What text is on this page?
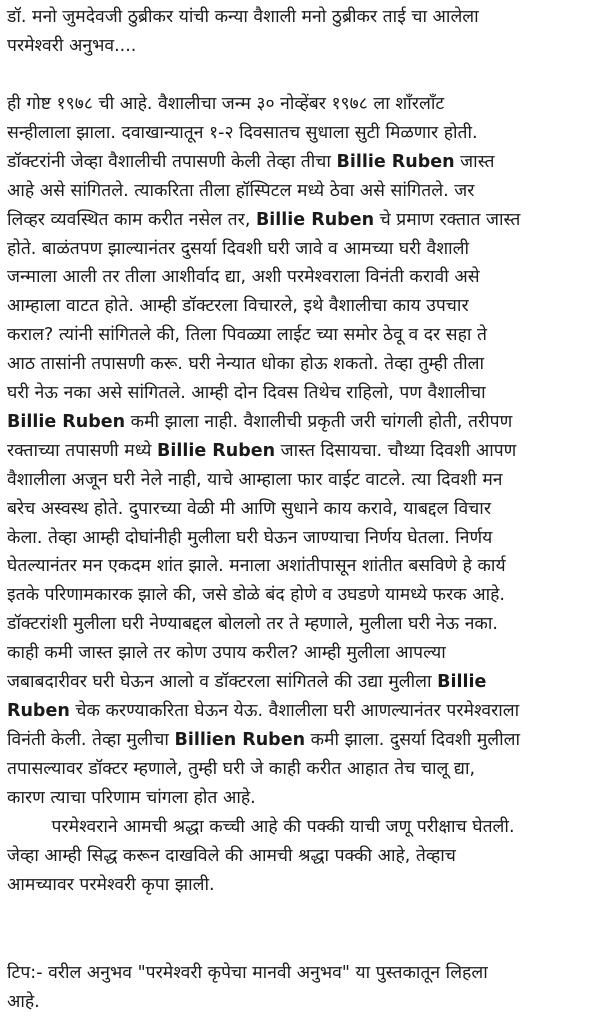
डॉ. मनो जुमदेवजी ठुब्रीकर यांची कन्या वैशाली मनो ठुब्रीकर ताई चा आलेला
परमेश्वरी अनुभव....
ही गोष्ट १९७८ ची आहे. वैशालीचा जन्म ३० नोव्हेंबर १९७८ ला शाँरलाँट
सन्हीलाला झाला. दवाखान्यातून १-२ दिवसातच सुधाला सुटी मिळणार होती.
डॉक्टरांनी जेव्हा वैशालीची तपासणी केली तेव्हा तीचा Billie Ruben जास्त
आहे असे सांगितले. त्याकरिता तीला हॉस्पिटल मध्ये ठेवा असे सांगितले. जर
लिव्हर व्यवस्थित काम करीत नसेल तर, Billie Ruben चे प्रमाण रक्तात जास्त
होते. बाळंतपण झाल्यानंतर दुसर्या दिवशी घरी जावे व आमच्या घरी वैशाली
जन्माला आली तर तीला आशीर्वाद द्या, अशी परमेश्वराला विनंती करावी असे
आम्हाला वाटत होते. आम्ही डॉक्टरला विचारले, इथे वैशालीचा काय उपचार
कराल? त्यांनी सांगितले की, तिला पिवळ्या लाईट च्या समोर ठेवू व दर सहा ते
आठ तासांनी तपासणी करू. घरी नेन्यात धोका होऊ शकतो. तेव्हा तुम्ही तीला
घरी नेऊ नका असे सांगितले. आम्ही दोन दिवस तिथेच राहिलो, पण वैशालीचा
Billie Ruben कमी झाला नाही. वैशालीची प्रकृती जरी चांगली होती, तरीपण
रक्ताच्या तपासणी मध्ये Billie Ruben जास्त दिसायचा. चौथ्या दिवशी आपण
वैशालीला अजून घरी नेले नाही, याचे आम्हाला फार वाईट वाटले. त्या दिवशी मन
बरेच अस्वस्थ होते. दुपारच्या वेळी मी आणि सुधाने काय करावे, याबद्दल विचार
केला. तेव्हा आम्ही दोघांनीही मुलीला घरी घेऊन जाण्याचा निर्णय घेतला. निर्णय
घेतल्यानंतर मन एकदम शांत झाले. मनाला अशांतीपासून शांतीत बसविणे हे कार्य
इतके परिणामकारक झाले की, जसे डोळे बंद होणे व उघडणे यामध्ये फरक आहे.
डॉक्टरांशी मुलीला घरी नेण्याबद्दल बोललो तर ते म्हणाले, मुलीला घरी नेऊ नका.
काही कमी जास्त झाले तर कोण उपाय करील? आम्ही मुलीला आपल्या
जबाबदारीवर घरी घेऊन आलो व डॉक्टरला सांगितले की उद्या मुलीला Billie
Ruben चेक करण्याकरिता घेऊन येऊ. वैशालीला घरी आणल्यानंतर परमेश्वराला
विनंती केली. तेव्हा मुलीचा Billien Ruben कमी झाला. दुसर्या दिवशी मुलीला
तपासल्यावर डॉक्टर म्हणाले, तुम्ही घरी जे काही करीत आहात तेच चालू द्या,
कारण त्याचा परिणाम चांगला होत आहे.
परमेश्वराने आमची श्रद्धा कच्ची आहे की पक्की याची जणू परीक्षाच घेतली.
जेव्हा आम्ही सिद्ध करून दाखविले की आमची श्रद्धा पक्की आहे, तेव्हाच
आमच्यावर परमेश्वरी कृपा झाली.
टिप:- वरील अनुभव "परमेश्वरी कृपेचा मानवी अनुभव" या पुस्तकातून लिहला
आहे.
